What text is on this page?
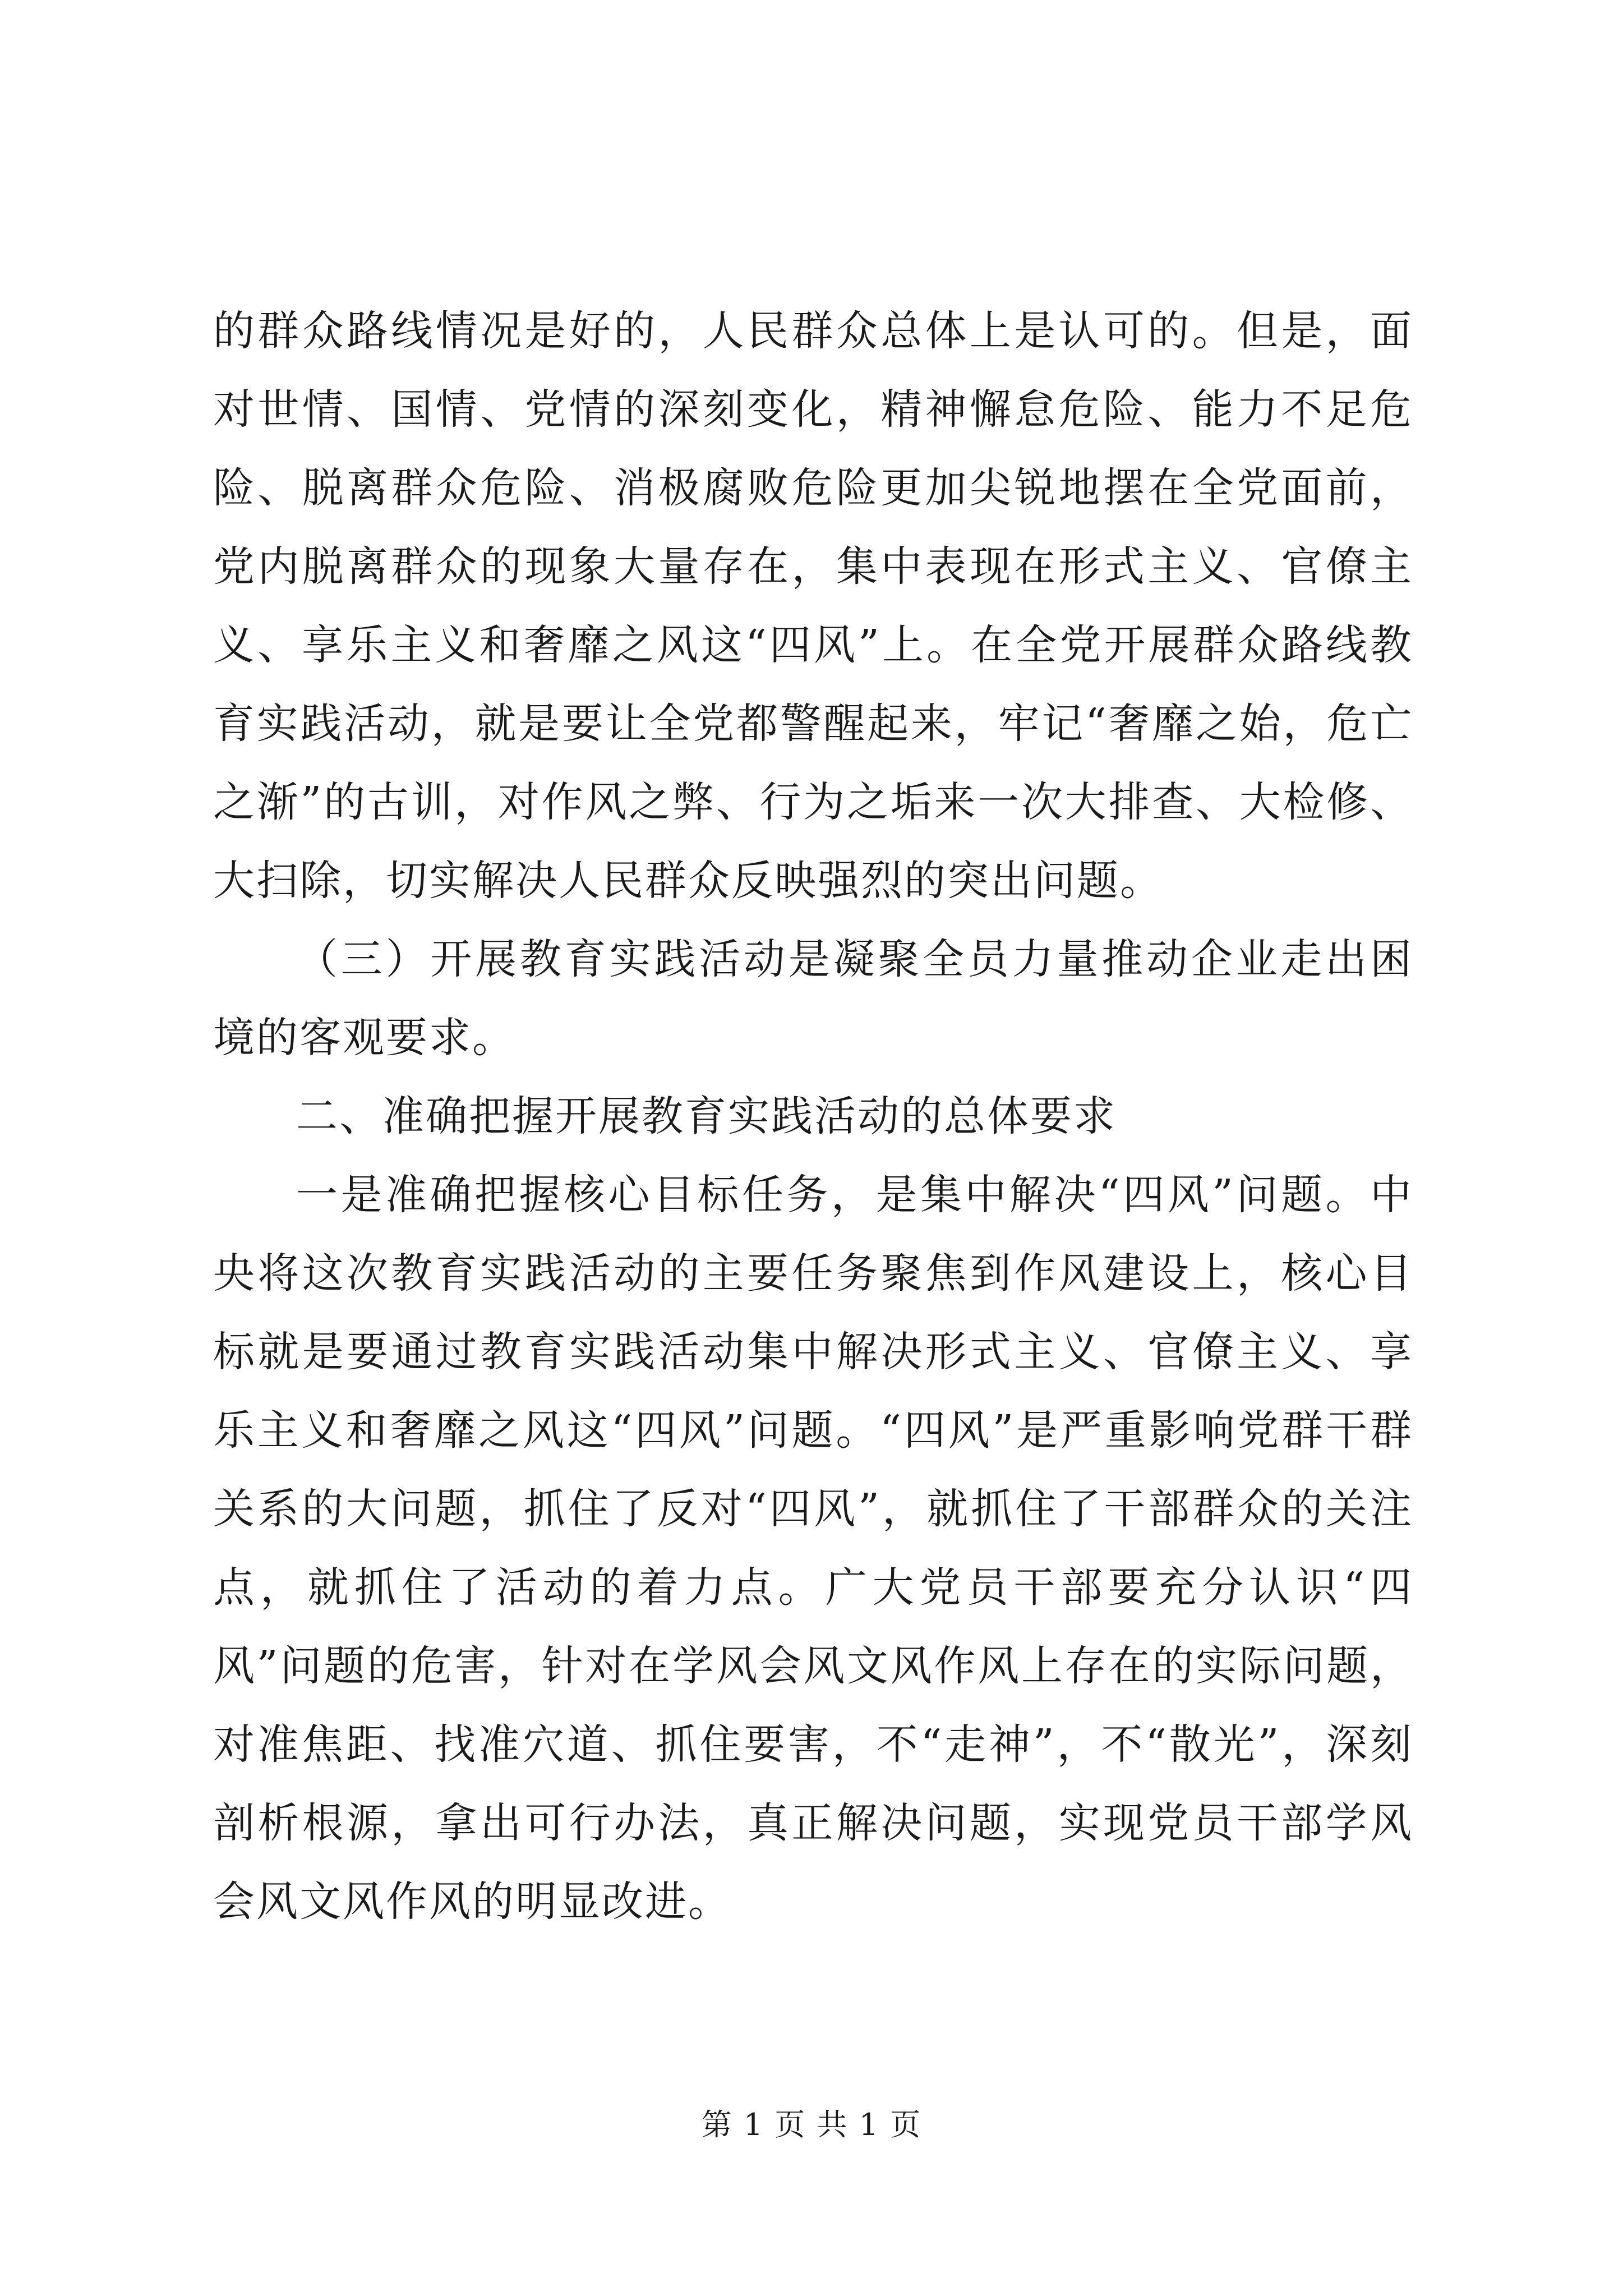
的群众路线情况是好的，人民群众总体上是认可的。但是，面对世情、国情、党情的深刻变化，精神懈怠危险、能力不足危险、脱离群众危险、消极腐败危险更加尖锐地摆在全党面前，党内脱离群众的现象大量存在，集中表现在形式主义、官僚主义、享乐主义和奢靡之风这“四风”上。在全党开展群众路线教育实践活动，就是要让全党都警醒起来，牢记“奢靡之始，危亡之渐”的古训，对作风之弊、行为之垢来一次大排查、大检修、大扫除，切实解决人民群众反映强烈的突出问题。

（三）开展教育实践活动是凝聚全员力量推动企业走出困境的客观要求。

二、准确把握开展教育实践活动的总体要求

一是准确把握核心目标任务，是集中解决“四风”问题。中央将这次教育实践活动的主要任务聚焦到作风建设上，核心目标就是要通过教育实践活动集中解决形式主义、官僚主义、享乐主义和奢靡之风这“四风”问题。“四风”是严重影响党群干群关系的大问题，抓住了反对“四风”，就抓住了干部群众的关注点，就抓住了活动的着力点。广大党员干部要充分认识“四风”问题的危害，针对在学风会风文风作风上存在的实际问题，对准焦距、找准穴道、抓住要害，不“走神”，不“散光”，深刻剖析根源，拿出可行办法，真正解决问题，实现党员干部学风会风文风作风的明显改进。

第 1 页 共 1 页
